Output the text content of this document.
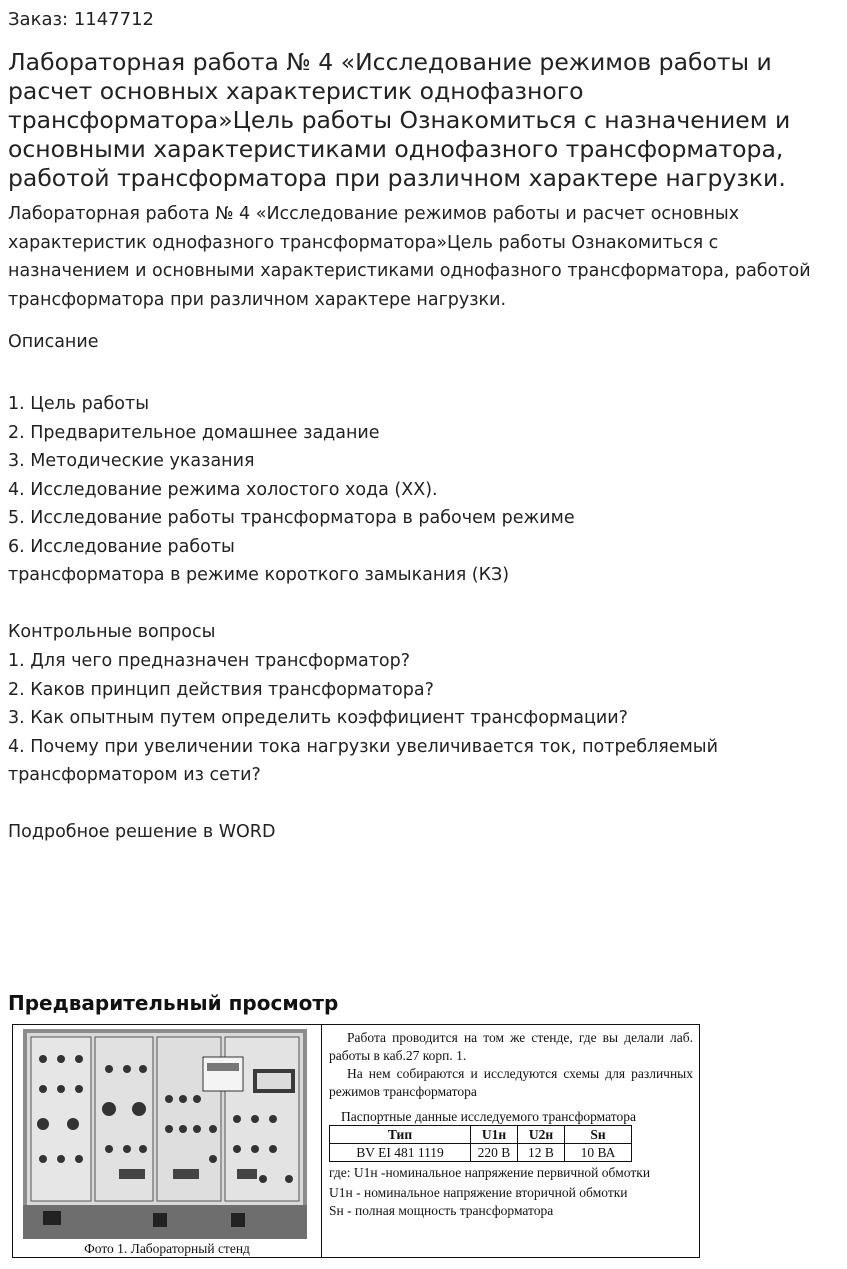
Заказ: 1147712

Лабораторная работа № 4 «Исследование режимов работы и расчет основных характеристик однофазного трансформатора»Цель работы Ознакомиться с назначением и основными характеристиками однофазного трансформатора, работой трансформатора при различном характере нагрузки.

Лабораторная работа № 4 «Исследование режимов работы и расчет основных характеристик однофазного трансформатора»Цель работы Ознакомиться с назначением и основными характеристиками однофазного трансформатора, работой трансформатора при различном характере нагрузки.

Описание

1. Цель работы
2. Предварительное домашнее задание
3. Методические указания
4. Исследование режима холостого хода (ХХ).
5. Исследование работы трансформатора в рабочем режиме
6. Исследование работы
трансформатора в режиме короткого замыкания (КЗ)

Контрольные вопросы

1. Для чего предназначен трансформатор?
2. Каков принцип действия трансформатора?
3. Как опытным путем определить коэффициент трансформации?
4. Почему при увеличении тока нагрузки увеличивается ток, потребляемый трансформатором из сети?

Подробное решение в WORD

Предварительный просмотр
Фото 1. Лабораторный стенд

Работа проводится на том же стенде, где вы делали лаб. работы в каб.27 корп. 1.

На нем собираются и исследуются схемы для различных режимов трансформатора

Паспортные данные исследуемого трансформатора
Тип	U1н	U2н	Sн
BV EI 481 1119	220 В	12 В	10 ВА
где: U1н -номинальное напряжение первичной обмотки
U1н - номинальное напряжение вторичной обмотки
Sн - полная мощность трансформатора
